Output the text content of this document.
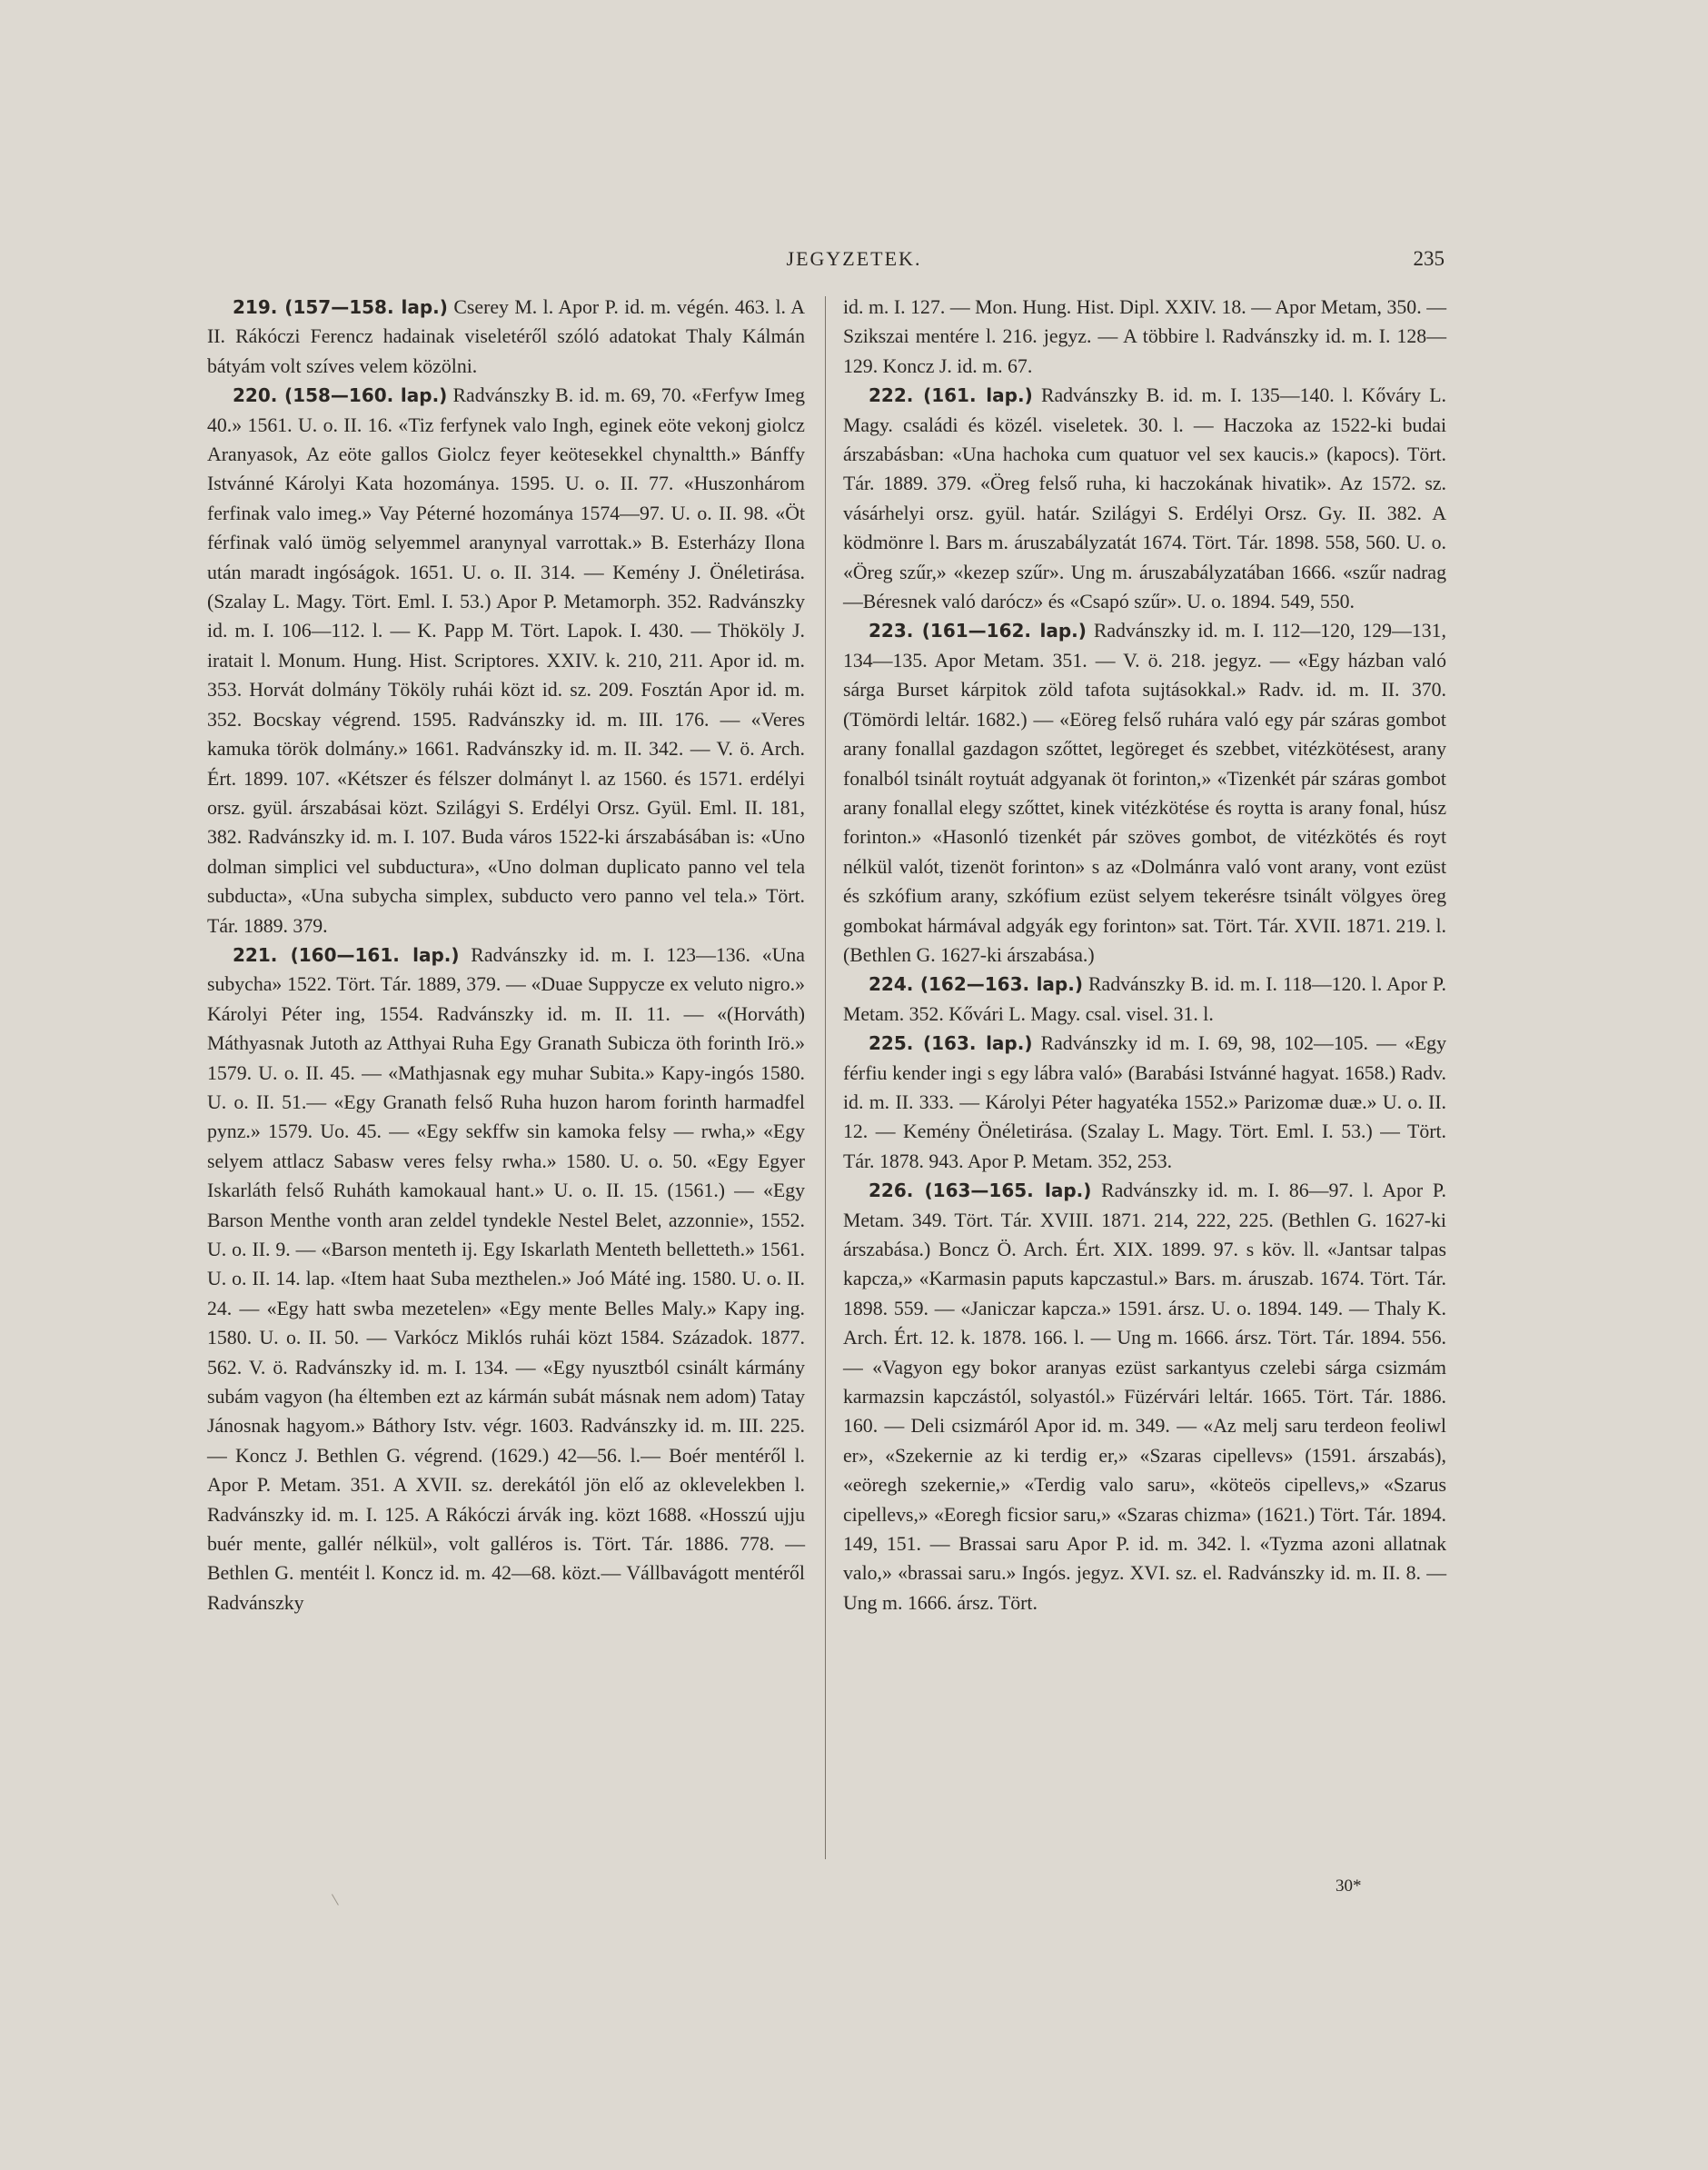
JEGYZETEK.	235

219. (157—158. lap.) Cserey M. l. Apor P. id. m. végén. 463. l. A II. Rákóczi Ferencz hadainak viseletéről szóló adatokat Thaly Kálmán bátyám volt szíves velem közölni.

220. (158—160. lap.) Radvánszky B. id. m. 69, 70. «Ferfyw Imeg 40.» 1561. U. o. II. 16. «Tiz ferfynek valo Ingh, eginek eöte vekonj giolcz Aranyasok, Az eöte gallos Giolcz feyer keötesekkel chynaltth.» Bánffy Istvánné Károlyi Kata hozománya. 1595. U. o. II. 77. «Huszonhárom ferfinak valo imeg.» Vay Péterné hozománya 1574—97. U. o. II. 98. «Öt férfinak való ümög selyemmel aranynyal varrottak.» B. Esterházy Ilona után maradt ingóságok. 1651. U. o. II. 314. — Kemény J. Önéletirása. (Szalay L. Magy. Tört. Eml. I. 53.) Apor P. Metamorph. 352. Radvánszky id. m. I. 106—112. l. — K. Papp M. Tört. Lapok. I. 430. — Thököly J. iratait l. Monum. Hung. Hist. Scriptores. XXIV. k. 210, 211. Apor id. m. 353. Horvát dolmány Tököly ruhái közt id. sz. 209. Fosztán Apor id. m. 352. Bocskay végrend. 1595. Radvánszky id. m. III. 176. — «Veres kamuka török dolmány.» 1661. Radvánszky id. m. II. 342. — V. ö. Arch. Ért. 1899. 107. «Kétszer és félszer dolmányt l. az 1560. és 1571. erdélyi orsz. gyül. árszabásai közt. Szilágyi S. Erdélyi Orsz. Gyül. Eml. II. 181, 382. Radvánszky id. m. I. 107. Buda város 1522-ki árszabásában is: «Uno dolman simplici vel subductura», «Uno dolman duplicato panno vel tela subducta», «Una subycha simplex, subducto vero panno vel tela.» Tört. Tár. 1889. 379.

221. (160—161. lap.) Radvánszky id. m. I. 123—136. «Una subycha» 1522. Tört. Tár. 1889, 379. — «Duae Suppycze ex veluto nigro.» Károlyi Péter ing, 1554. Radvánszky id. m. II. 11. — «(Horváth) Máthyasnak Jutoth az Atthyai Ruha Egy Granath Subicza öth forinth Irö.» 1579. U. o. II. 45. — «Mathjasnak egy muhar Subita.» Kapy-ingós 1580. U. o. II. 51.— «Egy Granath felső Ruha huzon harom forinth harmadfel pynz.» 1579. Uo. 45. — «Egy sekffw sin kamoka felsy — rwha,» «Egy selyem attlacz Sabasw veres felsy rwha.» 1580. U. o. 50. «Egy Egyer Iskarláth felső Ruháth kamokaual hant.» U. o. II. 15. (1561.) — «Egy Barson Menthe vonth aran zeldel tyndekle Nestel Belet, azzonnie», 1552. U. o. II. 9. — «Barson menteth ij. Egy Iskarlath Menteth belletteth.» 1561. U. o. II. 14. lap. «Item haat Suba mezthelen.» Joó Máté ing. 1580. U. o. II. 24. — «Egy hatt swba mezetelen» «Egy mente Belles Maly.» Kapy ing. 1580. U. o. II. 50. — Varkócz Miklós ruhái közt 1584. Századok. 1877. 562. V. ö. Radvánszky id. m. I. 134. — «Egy nyusztból csinált kármány subám vagyon (ha éltemben ezt az kármán subát másnak nem adom) Tatay Jánosnak hagyom.» Báthory Istv. végr. 1603. Radvánszky id. m. III. 225. — Koncz J. Bethlen G. végrend. (1629.) 42—56. l.— Boér mentéről l. Apor P. Metam. 351. A XVII. sz. derekától jön elő az oklevelekben l. Radvánszky id. m. I. 125. A Rákóczi árvák ing. közt 1688. «Hosszú ujju buér mente, gallér nélkül», volt galléros is. Tört. Tár. 1886. 778. — Bethlen G. mentéit l. Koncz id. m. 42—68. közt.— Vállbavágott mentéről Radvánszky

id. m. I. 127. — Mon. Hung. Hist. Dipl. XXIV. 18. — Apor Metam, 350. — Szikszai mentére l. 216. jegyz. — A többire l. Radvánszky id. m. I. 128—129. Koncz J. id. m. 67.

222. (161. lap.) Radvánszky B. id. m. I. 135—140. l. Kőváry L. Magy. családi és közél. viseletek. 30. l. — Haczoka az 1522-ki budai árszabásban: «Una hachoka cum quatuor vel sex kaucis.» (kapocs). Tört. Tár. 1889. 379. «Öreg felső ruha, ki haczokának hivatik». Az 1572. sz. vásárhelyi orsz. gyül. határ. Szilágyi S. Erdélyi Orsz. Gy. II. 382. A ködmönre l. Bars m. áruszabályzatát 1674. Tört. Tár. 1898. 558, 560. U. o. «Öreg szűr,» «kezep szűr». Ung m. áruszabályzatában 1666. «szűr nadrag—Béresnek való darócz» és «Csapó szűr». U. o. 1894. 549, 550.

223. (161—162. lap.) Radvánszky id. m. I. 112—120, 129—131, 134—135. Apor Metam. 351. — V. ö. 218. jegyz. — «Egy házban való sárga Burset kárpitok zöld tafota sujtásokkal.» Radv. id. m. II. 370. (Tömördi leltár. 1682.) — «Eöreg felső ruhára való egy pár száras gombot arany fonallal gazdagon szőttet, legöreget és szebbet, vitézkötésest, arany fonalból tsinált roytuát adgyanak öt forinton,» «Tizenkét pár száras gombot arany fonallal elegy szőttet, kinek vitézkötése és roytta is arany fonal, húsz forinton.» «Hasonló tizenkét pár szöves gombot, de vitézkötés és royt nélkül valót, tizenöt forinton» s az «Dolmánra való vont arany, vont ezüst és szkófium arany, szkófium ezüst selyem tekerésre tsinált völgyes öreg gombokat hármával adgyák egy forinton» sat. Tört. Tár. XVII. 1871. 219. l. (Bethlen G. 1627-ki árszabása.)

224. (162—163. lap.) Radvánszky B. id. m. I. 118—120. l. Apor P. Metam. 352. Kővári L. Magy. csal. visel. 31. l.

225. (163. lap.) Radvánszky id m. I. 69, 98, 102—105. — «Egy férfiu kender ingi s egy lábra való» (Barabási Istvánné hagyat. 1658.) Radv. id. m. II. 333. — Károlyi Péter hagyatéka 1552.» Parizomæ duæ.» U. o. II. 12. — Kemény Önéletirása. (Szalay L. Magy. Tört. Eml. I. 53.) — Tört. Tár. 1878. 943. Apor P. Metam. 352, 253.

226. (163—165. lap.) Radvánszky id. m. I. 86—97. l. Apor P. Metam. 349. Tört. Tár. XVIII. 1871. 214, 222, 225. (Bethlen G. 1627-ki árszabása.) Boncz Ö. Arch. Ért. XIX. 1899. 97. s köv. ll. «Jantsar talpas kapcza,» «Karmasin paputs kapczastul.» Bars. m. áruszab. 1674. Tört. Tár. 1898. 559. — «Janiczar kapcza.» 1591. ársz. U. o. 1894. 149. — Thaly K. Arch. Ért. 12. k. 1878. 166. l. — Ung m. 1666. ársz. Tört. Tár. 1894. 556. — «Vagyon egy bokor aranyas ezüst sarkantyus czelebi sárga csizmám karmazsin kapczástól, solyastól.» Füzérvári leltár. 1665. Tört. Tár. 1886. 160. — Deli csizmáról Apor id. m. 349. — «Az melj saru terdeon feoliwl er», «Szekernie az ki terdig er,» «Szaras cipellevs» (1591. árszabás), «eöregh szekernie,» «Terdig valo saru», «köteös cipellevs,» «Szarus cipellevs,» «Eoregh ficsior saru,» «Szaras chizma» (1621.) Tört. Tár. 1894. 149, 151. — Brassai saru Apor P. id. m. 342. l. «Tyzma azoni allatnak valo,» «brassai saru.» Ingós. jegyz. XVI. sz. el. Radvánszky id. m. II. 8. — Ung m. 1666. ársz. Tört.

30*
